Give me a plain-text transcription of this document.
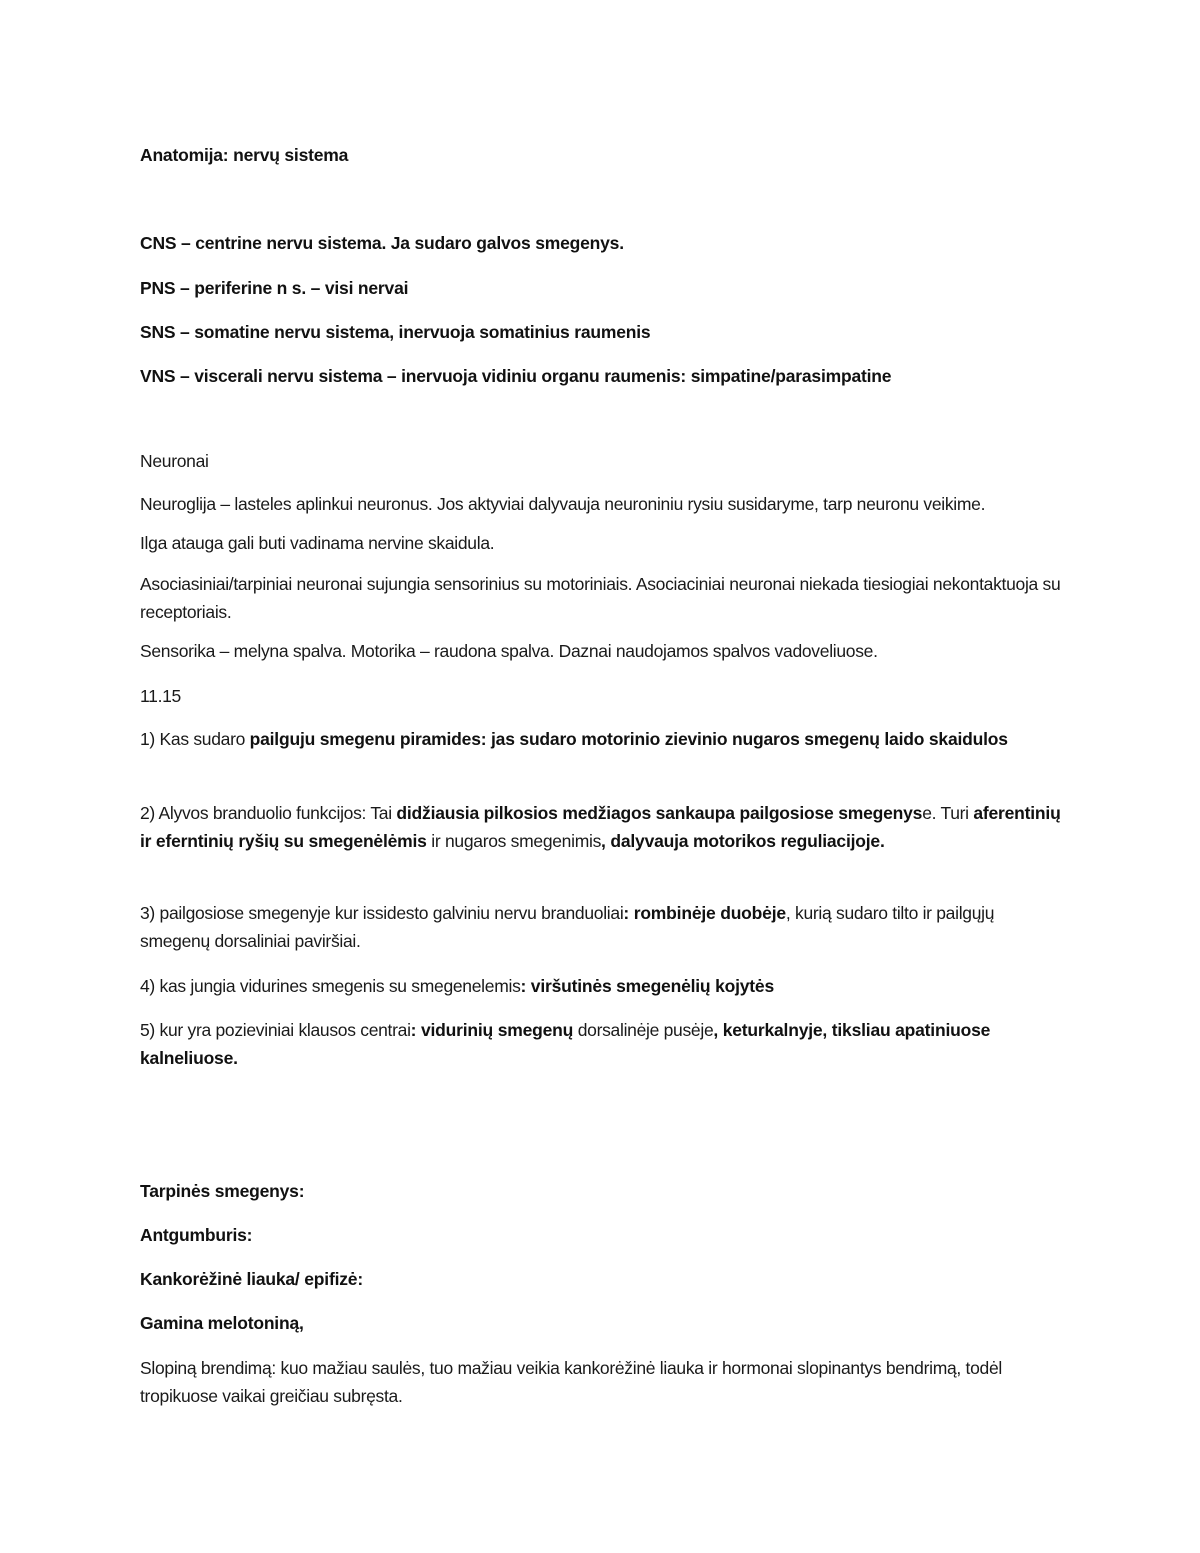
Anatomija: nervų sistema
CNS – centrine nervu sistema. Ja sudaro galvos smegenys.
PNS – periferine n s. – visi nervai
SNS – somatine nervu sistema, inervuoja somatinius raumenis
VNS – viscerali nervu sistema – inervuoja vidiniu organu raumenis: simpatine/parasimpatine
Neuronai
Neuroglija – lasteles aplinkui neuronus. Jos aktyviai dalyvauja neuroniniu rysiu susidaryme, tarp neuronu veikime.
Ilga atauga gali buti vadinama nervine skaidula.
Asociasiniai/tarpiniai neuronai sujungia sensorinius su motoriniais. Asociaciniai neuronai niekada tiesiogiai nekontaktuoja su receptoriais.
Sensorika – melyna spalva. Motorika – raudona spalva. Daznai naudojamos spalvos vadoveliuose.
11.15
1) Kas sudaro pailguju smegenu piramides: jas sudaro motorinio zievinio nugaros smegenų laido skaidulos
2) Alyvos branduolio funkcijos: Tai didžiausia pilkosios medžiagos sankaupa pailgosiose smegenyse. Turi aferentinių ir eferntinių ryšių su smegenėlėmis ir nugaros smegenimis, dalyvauja motorikos reguliacijoje.
3) pailgosiose smegenyje kur issidesto galviniu nervu branduoliai: rombinėje duobėje, kurią sudaro tilto ir pailgųjų smegenų dorsaliniai paviršiai.
4) kas jungia vidurines smegenis su smegenelemis: viršutinės smegenėlių kojytės
5) kur yra pozieviniai klausos centrai: vidurinių smegenų dorsalinėje pusėje, keturkalnyje, tiksliau apatiniuose kalneliuose.
Tarpinės smegenys:
Antgumburis:
Kankorėžinė liauka/ epifizė:
Gamina melotoniną,
Slopiną brendimą: kuo mažiau saulės, tuo mažiau veikia kankorėžinė liauka ir hormonai slopinantys bendrimą, todėl tropikuose vaikai greičiau subręsta.
